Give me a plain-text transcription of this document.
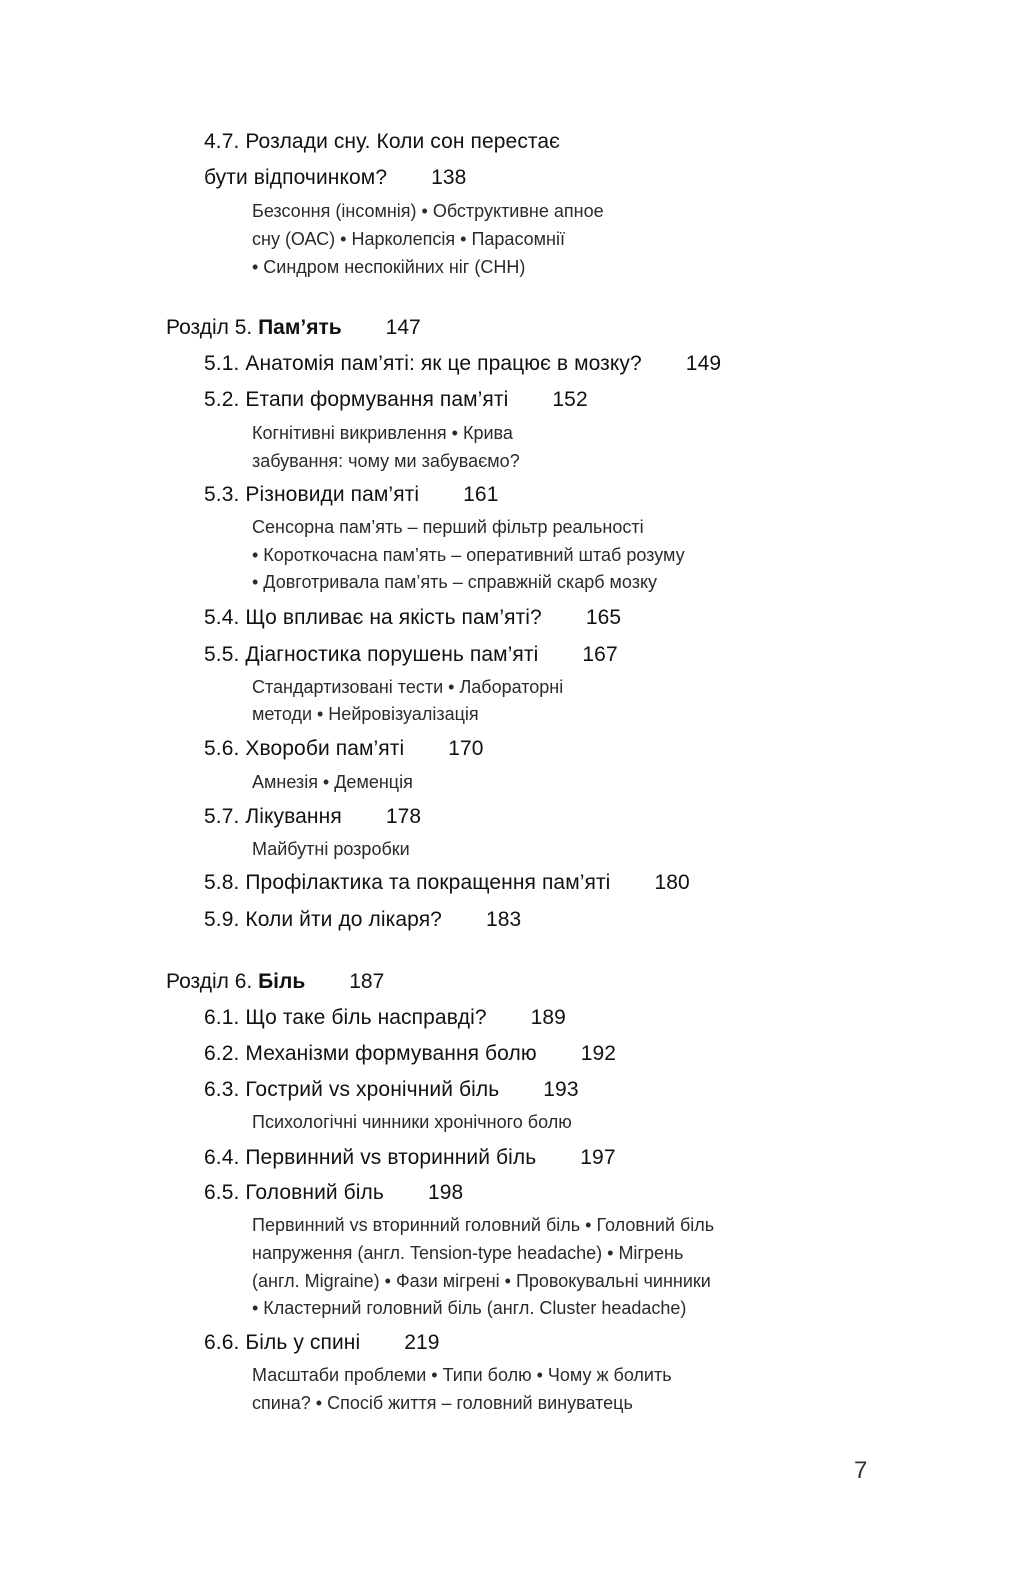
4.7. Розлади сну. Коли сон перестає
бути відпочинком? 138
Безсоння (інсомнія) • Обструктивне апное
сну (ОАС) • Нарколепсія • Парасомнії
• Синдром неспокійних ніг (СНН)
Розділ 5. Пам’ять 147
5.1. Анатомія пам’яті: як це працює в мозку? 149
5.2. Етапи формування пам’яті 152
Когнітивні викривлення • Крива
забування: чому ми забуваємо?
5.3. Різновиди пам’яті 161
Сенсорна пам’ять – перший фільтр реальності
• Короткочасна пам’ять – оперативний штаб розуму
• Довготривала пам’ять – справжній скарб мозку
5.4. Що впливає на якість пам’яті? 165
5.5. Діагностика порушень пам’яті 167
Стандартизовані тести • Лабораторні
методи • Нейровізуалізація
5.6. Хвороби пам’яті 170
Амнезія • Деменція
5.7. Лікування 178
Майбутні розробки
5.8. Профілактика та покращення пам’яті 180
5.9. Коли йти до лікаря? 183
Розділ 6. Біль 187
6.1. Що таке біль насправді? 189
6.2. Механізми формування болю 192
6.3. Гострий vs хронічний біль 193
Психологічні чинники хронічного болю
6.4. Первинний vs вторинний біль 197
6.5. Головний біль 198
Первинний vs вторинний головний біль • Головний біль
напруження (англ. Tension-type headache) • Мігрень
(англ. Migraine) • Фази мігрені • Провокувальні чинники
• Кластерний головний біль (англ. Cluster headache)
6.6. Біль у спині 219
Масштаби проблеми • Типи болю • Чому ж болить
спина? • Спосіб життя – головний винуватець
7
